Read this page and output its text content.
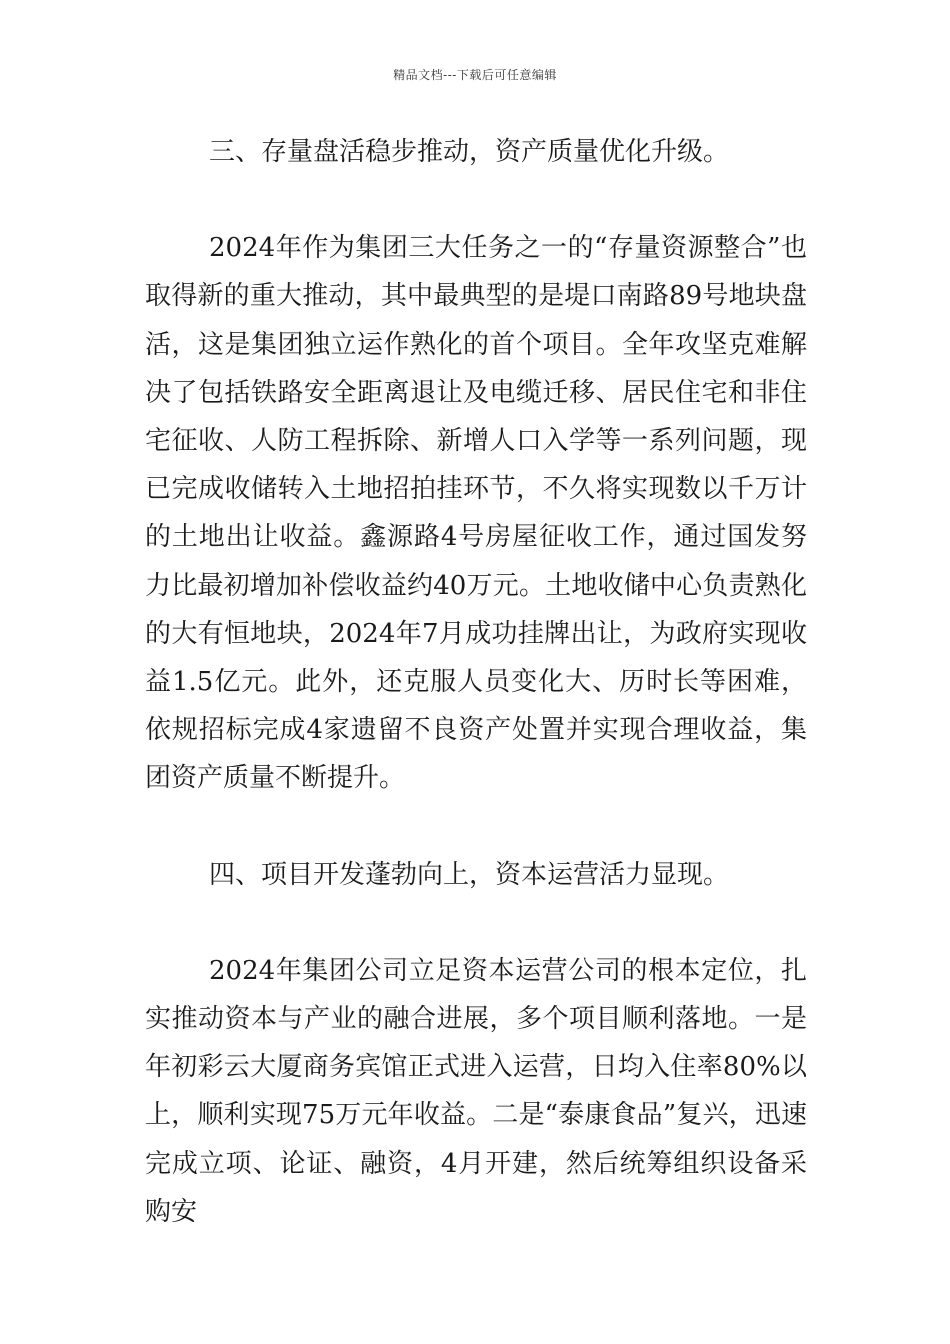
精品文档---下载后可任意编辑

三、存量盘活稳步推动，资产质量优化升级。

2024年作为集团三大任务之一的“存量资源整合”也取得新的重大推动，其中最典型的是堤口南路89号地块盘活，这是集团独立运作熟化的首个项目。全年攻坚克难解决了包括铁路安全距离退让及电缆迁移、居民住宅和非住宅征收、人防工程拆除、新增人口入学等一系列问题，现已完成收储转入土地招拍挂环节，不久将实现数以千万计的土地出让收益。鑫源路4号房屋征收工作，通过国发努力比最初增加补偿收益约40万元。土地收储中心负责熟化的大有恒地块，2024年7月成功挂牌出让，为政府实现收益1.5亿元。此外，还克服人员变化大、历时长等困难，依规招标完成4家遗留不良资产处置并实现合理收益，集团资产质量不断提升。

四、项目开发蓬勃向上，资本运营活力显现。

2024年集团公司立足资本运营公司的根本定位，扎实推动资本与产业的融合进展，多个项目顺利落地。一是年初彩云大厦商务宾馆正式进入运营，日均入住率80%以上，顺利实现75万元年收益。二是“泰康食品”复兴，迅速完成立项、论证、融资，4月开建，然后统筹组织设备采购安
